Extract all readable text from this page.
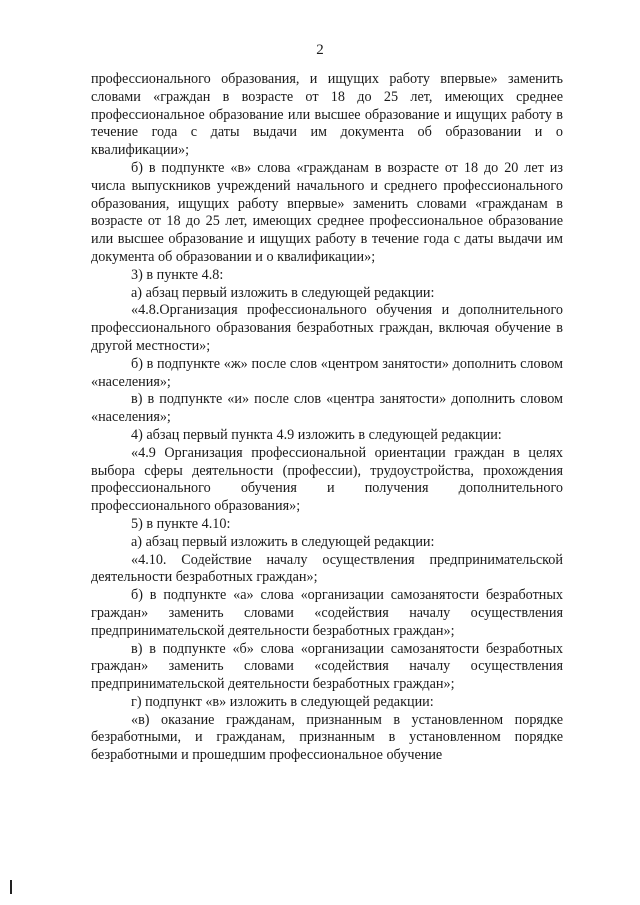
2

профессионального образования, и ищущих работу впервые» заменить словами «граждан в возрасте от 18 до 25 лет, имеющих среднее профессиональное образование или высшее образование и ищущих работу в течение года с даты выдачи им документа об образовании и о квалификации»;

б) в подпункте «в» слова «гражданам в возрасте от 18 до 20 лет из числа выпускников учреждений начального и среднего профессионального образования, ищущих работу впервые» заменить словами «гражданам в возрасте от 18 до 25 лет, имеющих среднее профессиональное образование или высшее образование и ищущих работу в течение года с даты выдачи им документа об образовании и о квалификации»;

3) в пункте 4.8:

а) абзац первый изложить в следующей редакции:

«4.8.Организация профессионального обучения и дополнительного профессионального образования безработных граждан, включая обучение в другой местности»;

б) в подпункте «ж» после слов «центром занятости» дополнить словом «населения»;

в) в подпункте «и» после слов «центра занятости» дополнить словом «населения»;

4) абзац первый пункта 4.9 изложить в следующей редакции:

«4.9 Организация профессиональной ориентации граждан в целях выбора сферы деятельности (профессии), трудоустройства, прохождения профессионального обучения и получения дополнительного профессионального образования»;

5) в пункте 4.10:

а) абзац первый изложить в следующей редакции:

«4.10. Содействие началу осуществления предпринимательской деятельности безработных граждан»;

б) в подпункте «а» слова «организации самозанятости безработных граждан» заменить словами «содействия началу осуществления предпринимательской деятельности безработных граждан»;

в) в подпункте «б» слова «организации самозанятости безработных граждан» заменить словами «содействия началу осуществления предпринимательской деятельности безработных граждан»;

г) подпункт «в» изложить в следующей редакции:

«в) оказание гражданам, признанным в установленном порядке безработными, и гражданам, признанным в установленном порядке безработными и прошедшим профессиональное обучение
